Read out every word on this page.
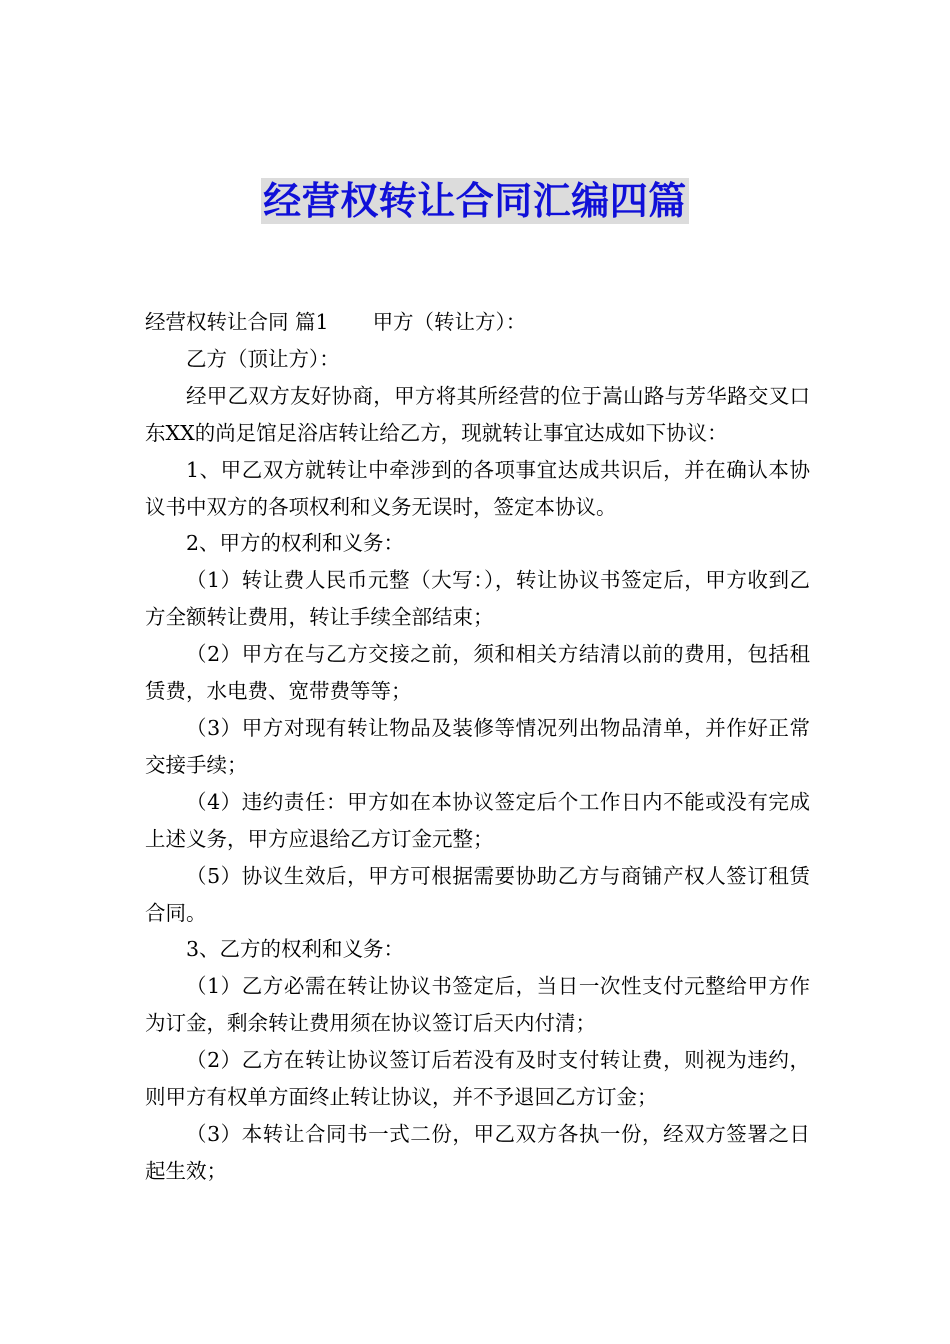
经营权转让合同汇编四篇

经营权转让合同 篇1 甲方（转让方）：

乙方（顶让方）：

经甲乙双方友好协商，甲方将其所经营的位于嵩山路与芳华路交叉口东XX的尚足馆足浴店转让给乙方，现就转让事宜达成如下协议：

1、甲乙双方就转让中牵涉到的各项事宜达成共识后，并在确认本协议书中双方的各项权利和义务无误时，签定本协议。

2、甲方的权利和义务：

（1）转让费人民币元整（大写：），转让协议书签定后，甲方收到乙方全额转让费用，转让手续全部结束；

（2）甲方在与乙方交接之前，须和相关方结清以前的费用，包括租赁费，水电费、宽带费等等；

（3）甲方对现有转让物品及装修等情况列出物品清单，并作好正常交接手续；

（4）违约责任：甲方如在本协议签定后个工作日内不能或没有完成上述义务，甲方应退给乙方订金元整；

（5）协议生效后，甲方可根据需要协助乙方与商铺产权人签订租赁合同。

3、乙方的权利和义务：

（1）乙方必需在转让协议书签定后，当日一次性支付元整给甲方作为订金，剩余转让费用须在协议签订后天内付清；

（2）乙方在转让协议签订后若没有及时支付转让费，则视为违约，则甲方有权单方面终止转让协议，并不予退回乙方订金；

（3）本转让合同书一式二份，甲乙双方各执一份，经双方签署之日起生效；
